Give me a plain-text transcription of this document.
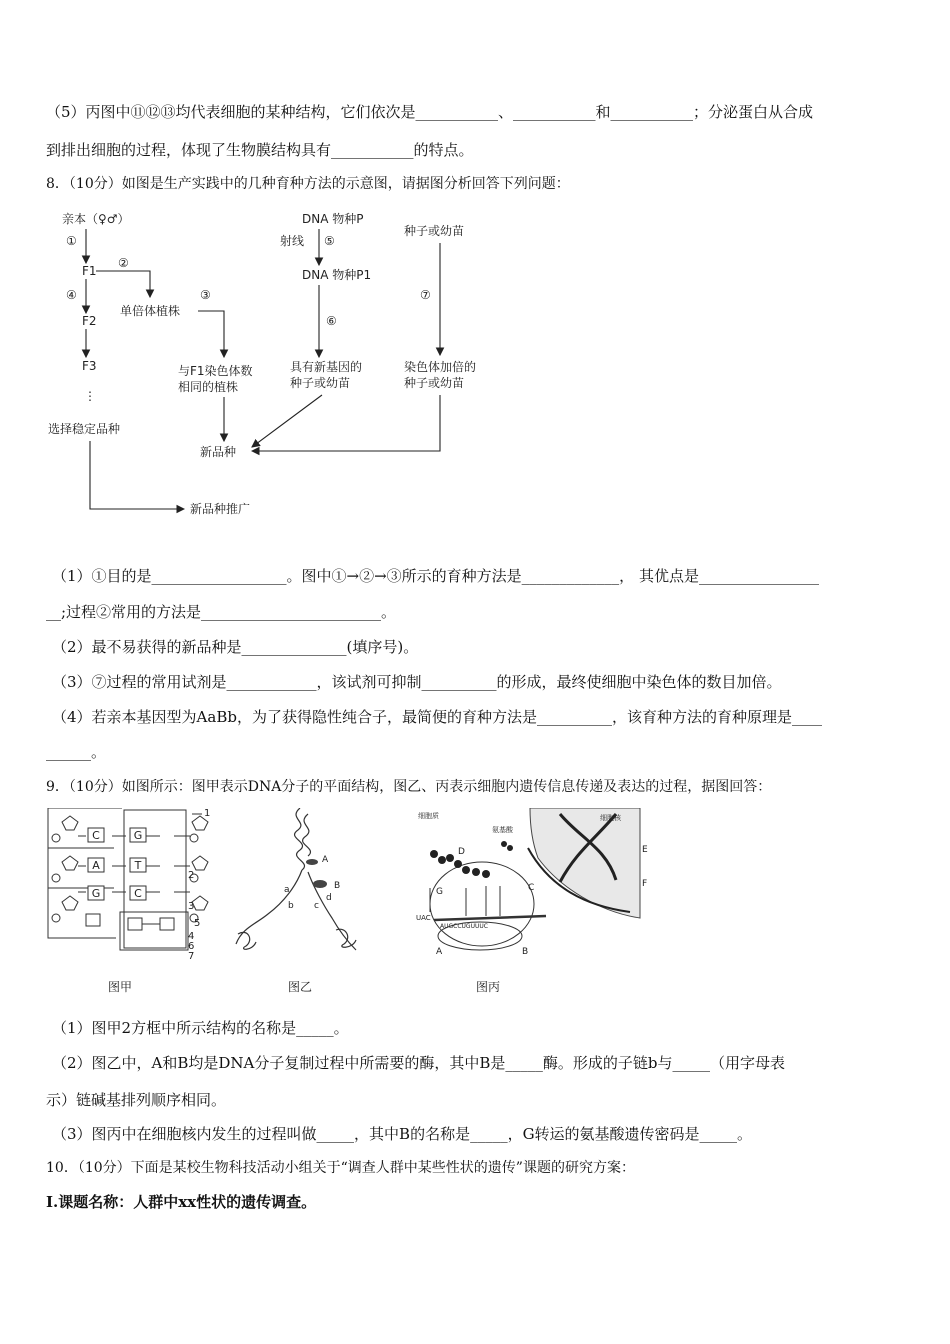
（5）丙图中⑪⑫⑬均代表细胞的某种结构，它们依次是___________、___________和___________；分泌蛋白从合成
到排出细胞的过程，体现了生物膜结构具有___________的特点。
8．（10分）如图是生产实践中的几种育种方法的示意图，请据图分析回答下列问题：
亲本（♀♂）
①
F1
②
单倍体植株
③
④
F2
F3
⋮
选择稳定品种
与F1染色体数
相同的植株
新品种
新品种推广
DNA 物种P
射线 ⑤
DNA 物种P1
⑥
具有新基因的
种子或幼苗
种子或幼苗
⑦
染色体加倍的
种子或幼苗
（1）①目的是__________________。图中①→②→③所示的育种方法是_____________， 其优点是________________
__;过程②常用的方法是________________________。
（2）最不易获得的新品种是______________(填序号)。
（3）⑦过程的常用试剂是____________，该试剂可抑制__________的形成，最终使细胞中染色体的数目加倍。
（4）若亲本基因型为AaBb，为了获得隐性纯合子，最简便的育种方法是__________，该育种方法的育种原理是____
______。
9．（10分）如图所示：图甲表示DNA分子的平面结构，图乙、丙表示细胞内遗传信息传递及表达的过程，据图回答：
C	G
A	T
G	C
1
2
3
4
5
6
7
图甲
A
B
a
b c
d
图乙
细胞质
氨基酸
细胞核
D
G	C
E
F
A	B
UAC
AUGCCUGUUUC
图丙
（1）图甲2方框中所示结构的名称是_____。
（2）图乙中，A和B均是DNA分子复制过程中所需要的酶，其中B是_____酶。形成的子链b与_____（用字母表
示）链碱基排列顺序相同。
（3）图丙中在细胞核内发生的过程叫做_____，其中B的名称是_____，G转运的氨基酸遗传密码是_____。
10．（10分）下面是某校生物科技活动小组关于“调查人群中某些性状的遗传”课题的研究方案：
I.课题名称：人群中xx性状的遗传调查。
